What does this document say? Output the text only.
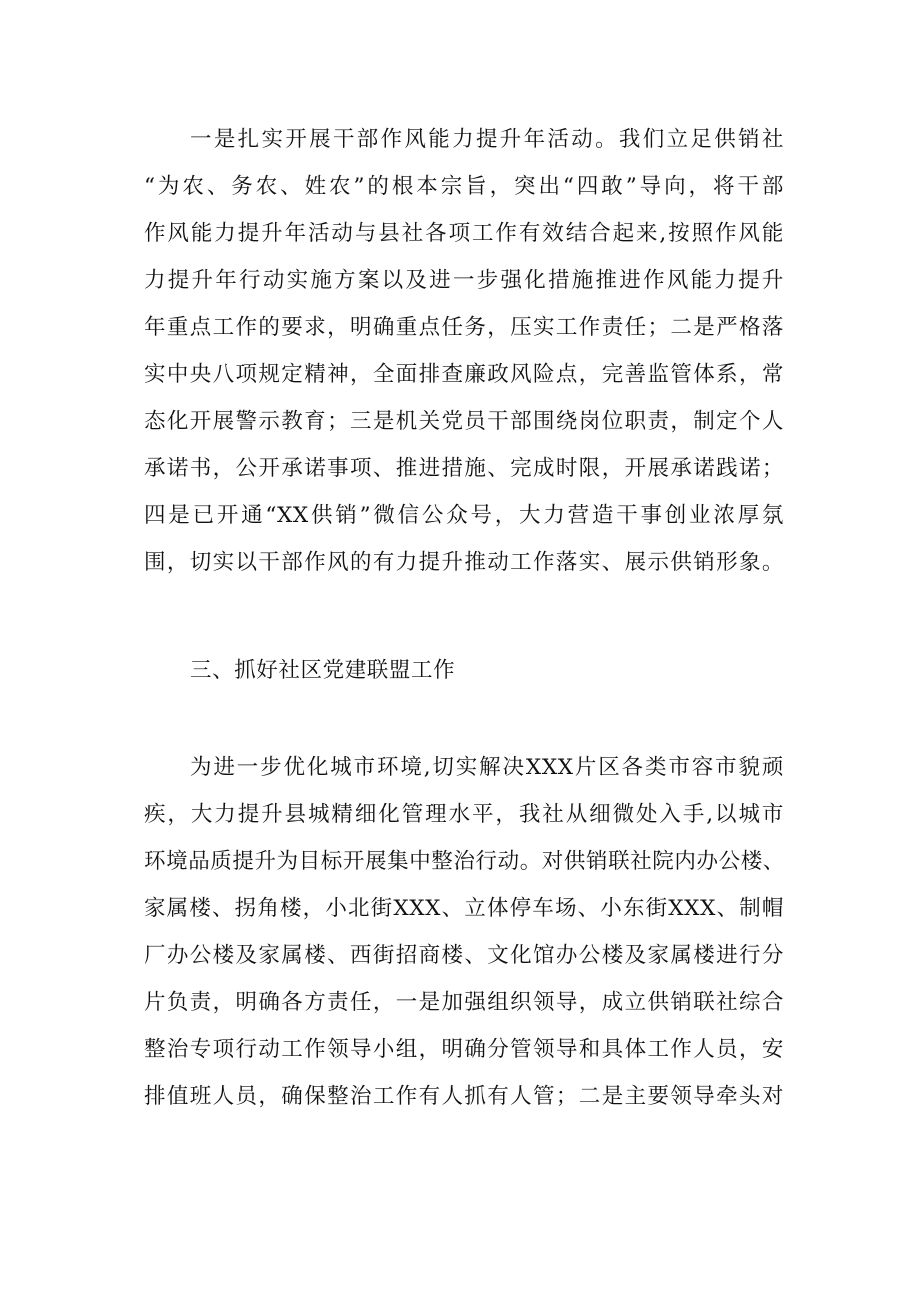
一是扎实开展干部作风能力提升年活动。我们立足供销社
“为农、务农、姓农”的根本宗旨，突出“四敢”导向，将干部
作风能力提升年活动与县社各项工作有效结合起来,按照作风能
力提升年行动实施方案以及进一步强化措施推进作风能力提升
年重点工作的要求，明确重点任务，压实工作责任；二是严格落
实中央八项规定精神，全面排查廉政风险点，完善监管体系，常
态化开展警示教育；三是机关党员干部围绕岗位职责，制定个人
承诺书，公开承诺事项、推进措施、完成时限，开展承诺践诺；
四是已开通“XX供销”微信公众号，大力营造干事创业浓厚氛
围，切实以干部作风的有力提升推动工作落实、展示供销形象。
三、抓好社区党建联盟工作
为进一步优化城市环境,切实解决XXX片区各类市容市貌顽
疾，大力提升县城精细化管理水平，我社从细微处入手,以城市
环境品质提升为目标开展集中整治行动。对供销联社院内办公楼、
家属楼、拐角楼，小北街XXX、立体停车场、小东街XXX、制帽
厂办公楼及家属楼、西街招商楼、文化馆办公楼及家属楼进行分
片负责，明确各方责任，一是加强组织领导，成立供销联社综合
整治专项行动工作领导小组，明确分管领导和具体工作人员，安
排值班人员，确保整治工作有人抓有人管；二是主要领导牵头对
